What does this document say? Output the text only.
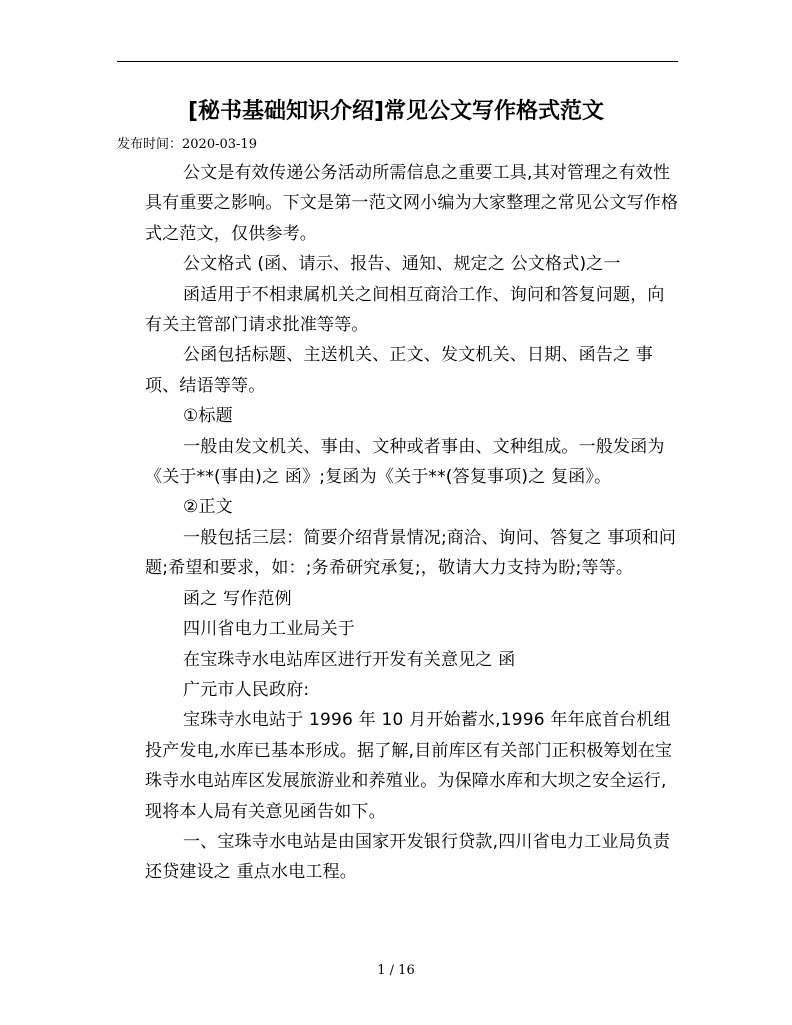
[秘书基础知识介绍]常见公文写作格式范文
发布时间：2020-03-19

公文是有效传递公务活动所需信息之重要工具,其对管理之有效性具有重要之影响。下文是第一范文网小编为大家整理之常见公文写作格式之范文，仅供参考。

公文格式 (函、请示、报告、通知、规定之 公文格式)之一

函适用于不相隶属机关之间相互商洽工作、询问和答复问题，向有关主管部门请求批准等等。

公函包括标题、主送机关、正文、发文机关、日期、函告之 事项、结语等等。

①标题

一般由发文机关、事由、文种或者事由、文种组成。一般发函为《关于**(事由)之 函》;复函为《关于**(答复事项)之 复函》。

②正文

一般包括三层：简要介绍背景情况;商洽、询问、答复之 事项和问题;希望和要求，如：;务希研究承复;，敬请大力支持为盼;等等。

函之 写作范例

四川省电力工业局关于

在宝珠寺水电站库区进行开发有关意见之 函

广元市人民政府:

宝珠寺水电站于 1996 年 10 月开始蓄水,1996 年年底首台机组投产发电,水库已基本形成。据了解,目前库区有关部门正积极筹划在宝珠寺水电站库区发展旅游业和养殖业。为保障水库和大坝之安全运行,现将本人局有关意见函告如下。

一、宝珠寺水电站是由国家开发银行贷款,四川省电力工业局负责还贷建设之 重点水电工程。

1 / 16
